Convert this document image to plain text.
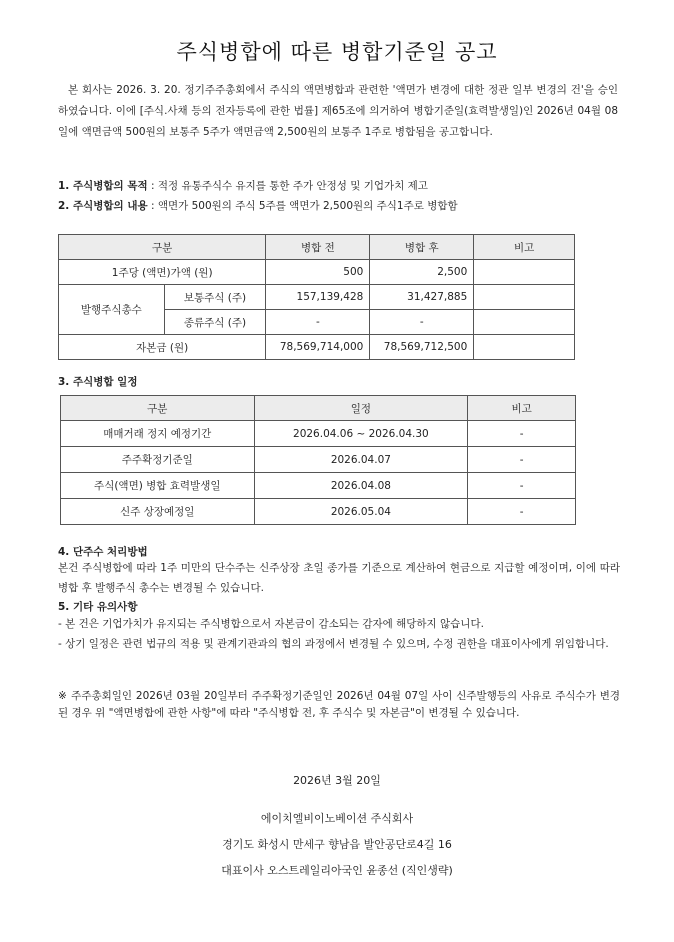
주식병합에 따른 병합기준일 공고
본 회사는 2026. 3. 20. 정기주주총회에서 주식의 액면병합과 관련한 '액면가 변경에 대한 정관 일부 변경의 건'을 승인하였습니다. 이에 [주식.사채 등의 전자등록에 관한 법률] 제65조에 의거하여 병합기준일(효력발생일)인 2026년 04월 08일에 액면금액 500원의 보통주 5주가 액면금액 2,500원의 보통주 1주로 병합됨을 공고합니다.
1. 주식병합의 목적 : 적정 유통주식수 유지를 통한 주가 안정성 및 기업가치 제고
2. 주식병합의 내용 : 액면가 500원의 주식 5주를 액면가 2,500원의 주식1주로 병합함
구분		병합 전	병합 후	비고
1주당 (액면)가액 (원)		500	2,500	
발행주식총수	보통주식 (주)	157,139,428	31,427,885	
	종류주식 (주)	-	-	
자본금 (원)		78,569,714,000	78,569,712,500	
3. 주식병합 일정
구분	일정	비고
매매거래 정지 예정기간	2026.04.06 ~ 2026.04.30	-
주주확정기준일	2026.04.07	-
주식(액면) 병합 효력발생일	2026.04.08	-
신주 상장예정일	2026.05.04	-
4. 단주수 처리방법
본건 주식병합에 따라 1주 미만의 단수주는 신주상장 초일 종가를 기준으로 계산하여 현금으로 지급할 예정이며, 이에 따라 병합 후 발행주식 총수는 변경될 수 있습니다.
5. 기타 유의사항
- 본 건은 기업가치가 유지되는 주식병합으로서 자본금이 감소되는 감자에 해당하지 않습니다.
- 상기 일정은 관련 법규의 적용 및 관계기관과의 협의 과정에서 변경될 수 있으며, 수정 권한을 대표이사에게 위임합니다.
※ 주주총회일인 2026년 03월 20일부터 주주확정기준일인 2026년 04월 07일 사이 신주발행등의 사유로 주식수가 변경된 경우 위 "액면병합에 관한 사항"에 따라 "주식병합 전, 후 주식수 및 자본금"이 변경될 수 있습니다.
2026년 3월 20일
에이치엘비이노베이션 주식회사
경기도 화성시 만세구 향남읍 발안공단로4길 16
대표이사 오스트레일리아국인 윤종선 (직인생략)
